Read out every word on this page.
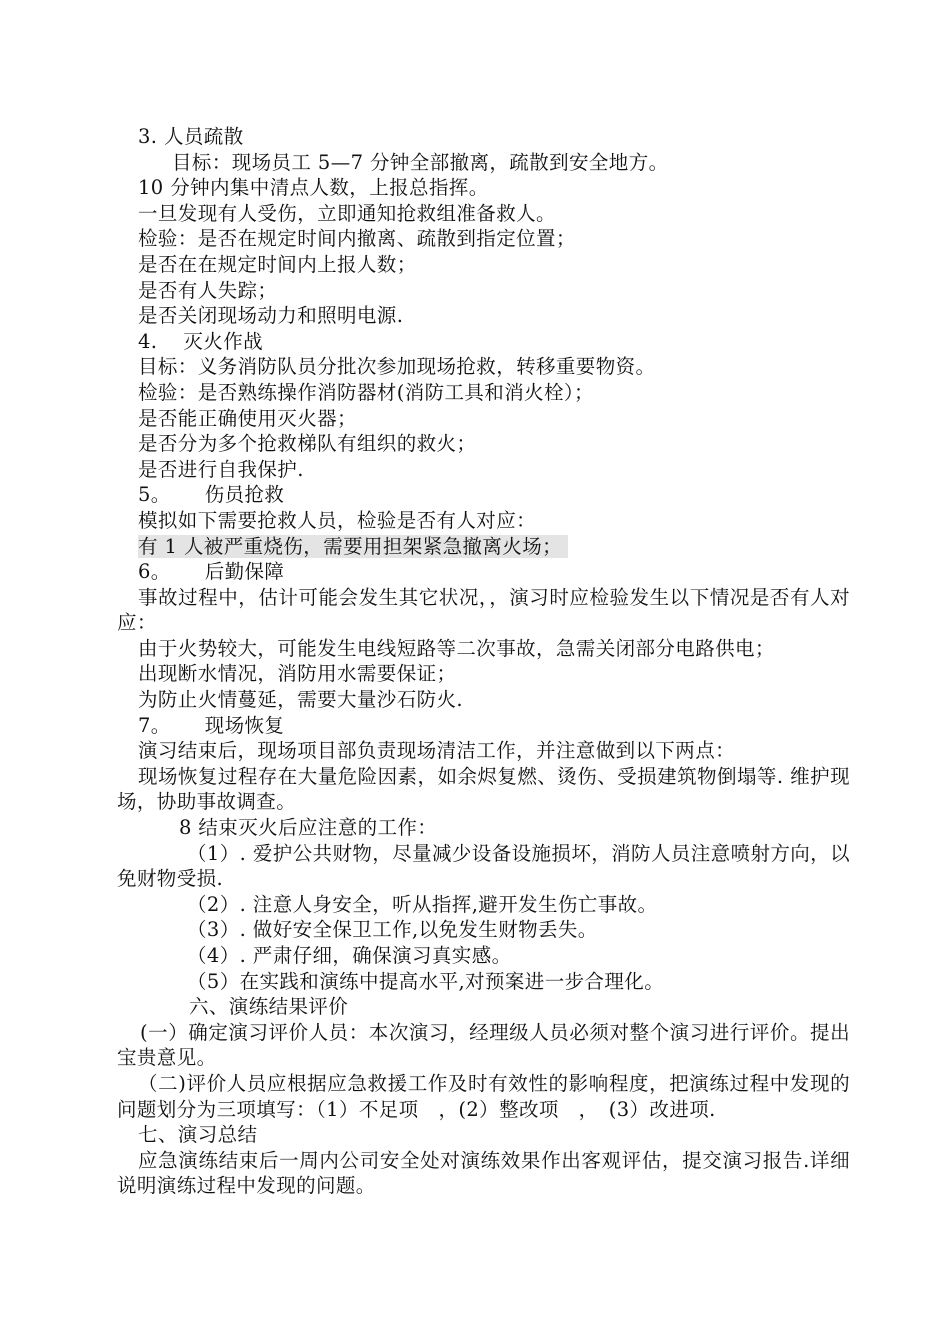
3. 人员疏散
目标：现场员工 5—7 分钟全部撤离，疏散到安全地方。
10 分钟内集中清点人数，上报总指挥。
一旦发现有人受伤，立即通知抢救组准备救人。
检验：是否在规定时间内撤离、疏散到指定位置；
是否在在规定时间内上报人数；
是否有人失踪；
是否关闭现场动力和照明电源.
4. 灭火作战
目标：义务消防队员分批次参加现场抢救，转移重要物资。
检验：是否熟练操作消防器材(消防工具和消火栓）；
是否能正确使用灭火器；
是否分为多个抢救梯队有组织的救火；
是否进行自我保护.
5。 伤员抢救
模拟如下需要抢救人员，检验是否有人对应：
有 1 人被严重烧伤，需要用担架紧急撤离火场；
6。 后勤保障
事故过程中，估计可能会发生其它状况，，演习时应检验发生以下情况是否有人对应：
由于火势较大，可能发生电线短路等二次事故，急需关闭部分电路供电；
出现断水情况，消防用水需要保证；
为防止火情蔓延，需要大量沙石防火.
7。 现场恢复
演习结束后，现场项目部负责现场清洁工作，并注意做到以下两点：
现场恢复过程存在大量危险因素，如余烬复燃、烫伤、受损建筑物倒塌等. 维护现场，协助事故调查。
8 结束灭火后应注意的工作：
（1）. 爱护公共财物，尽量减少设备设施损坏，消防人员注意喷射方向，以免财物受损.
（2）. 注意人身安全，听从指挥,避开发生伤亡事故。
（3）. 做好安全保卫工作,以免发生财物丢失。
（4）. 严肃仔细，确保演习真实感。
（5）在实践和演练中提高水平,对预案进一步合理化。
六、演练结果评价
(一）确定演习评价人员：本次演习，经理级人员必须对整个演习进行评价。提出宝贵意见。
（二)评价人员应根据应急救援工作及时有效性的影响程度，把演练过程中发现的问题划分为三项填写：（1）不足项　，(2）整改项　，　(3）改进项.
七、演习总结
应急演练结束后一周内公司安全处对演练效果作出客观评估，提交演习报告.详细说明演练过程中发现的问题。
